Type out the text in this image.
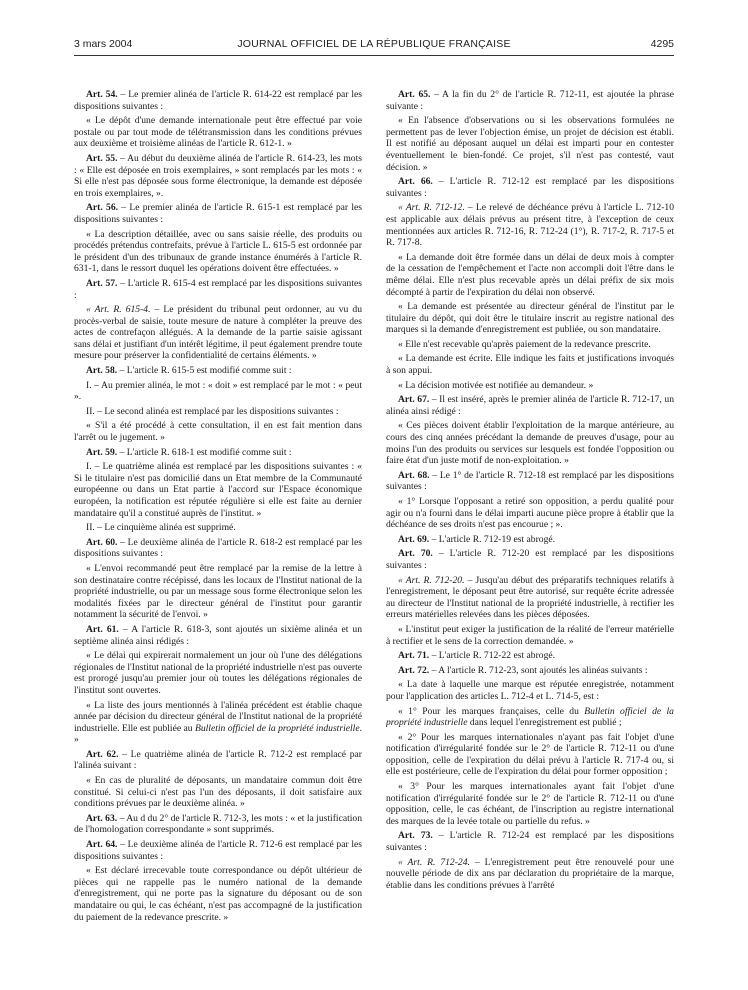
3 mars 2004	JOURNAL OFFICIEL DE LA RÉPUBLIQUE FRANÇAISE	4295

Art. 54. – Le premier alinéa de l'article R. 614-22 est remplacé par les dispositions suivantes :

« Le dépôt d'une demande internationale peut être effectué par voie postale ou par tout mode de télétransmission dans les conditions prévues aux deuxième et troisième alinéas de l'article R. 612-1. »

Art. 55. – Au début du deuxième alinéa de l'article R. 614-23, les mots : « Elle est déposée en trois exemplaires, » sont remplacés par les mots : « Si elle n'est pas déposée sous forme électronique, la demande est déposée en trois exemplaires, ».

Art. 56. – Le premier alinéa de l'article R. 615-1 est remplacé par les dispositions suivantes :

« La description détaillée, avec ou sans saisie réelle, des produits ou procédés prétendus contrefaits, prévue à l'article L. 615-5 est ordonnée par le président d'un des tribunaux de grande instance énumérés à l'article R. 631-1, dans le ressort duquel les opérations doivent être effectuées. »

Art. 57. – L'article R. 615-4 est remplacé par les dispositions suivantes :

« Art. R. 615-4. – Le président du tribunal peut ordonner, au vu du procès-verbal de saisie, toute mesure de nature à compléter la preuve des actes de contrefaçon allégués. A la demande de la partie saisie agissant sans délai et justifiant d'un intérêt légitime, il peut également prendre toute mesure pour préserver la confidentialité de certains éléments. »

Art. 58. – L'article R. 615-5 est modifié comme suit :

I. – Au premier alinéa, le mot : « doit » est remplacé par le mot : « peut ».

II. – Le second alinéa est remplacé par les dispositions suivantes :

« S'il a été procédé à cette consultation, il en est fait mention dans l'arrêt ou le jugement. »

Art. 59. – L'article R. 618-1 est modifié comme suit :

I. – Le quatrième alinéa est remplacé par les dispositions suivantes : « Si le titulaire n'est pas domicilié dans un Etat membre de la Communauté européenne ou dans un Etat partie à l'accord sur l'Espace économique européen, la notification est réputée régulière si elle est faite au dernier mandataire qu'il a constitué auprès de l'institut. »

II. – Le cinquième alinéa est supprimé.

Art. 60. – Le deuxième alinéa de l'article R. 618-2 est remplacé par les dispositions suivantes :

« L'envoi recommandé peut être remplacé par la remise de la lettre à son destinataire contre récépissé, dans les locaux de l'Institut national de la propriété industrielle, ou par un message sous forme électronique selon les modalités fixées par le directeur général de l'institut pour garantir notamment la sécurité de l'envoi. »

Art. 61. – A l'article R. 618-3, sont ajoutés un sixième alinéa et un septième alinéa ainsi rédigés :

« Le délai qui expirerait normalement un jour où l'une des délégations régionales de l'Institut national de la propriété industrielle n'est pas ouverte est prorogé jusqu'au premier jour où toutes les délégations régionales de l'institut sont ouvertes.

« La liste des jours mentionnés à l'alinéa précédent est établie chaque année par décision du directeur général de l'Institut national de la propriété industrielle. Elle est publiée au Bulletin officiel de la propriété industrielle. »

Art. 62. – Le quatrième alinéa de l'article R. 712-2 est remplacé par l'alinéa suivant :

« En cas de pluralité de déposants, un mandataire commun doit être constitué. Si celui-ci n'est pas l'un des déposants, il doit satisfaire aux conditions prévues par le deuxième alinéa. »

Art. 63. – Au d du 2° de l'article R. 712-3, les mots : « et la justification de l'homologation correspondante » sont supprimés.

Art. 64. – Le deuxième alinéa de l'article R. 712-6 est remplacé par les dispositions suivantes :

« Est déclaré irrecevable toute correspondance ou dépôt ultérieur de pièces qui ne rappelle pas le numéro national de la demande d'enregistrement, qui ne porte pas la signature du déposant ou de son mandataire ou qui, le cas échéant, n'est pas accompagné de la justification du paiement de la redevance prescrite. »

Art. 65. – A la fin du 2° de l'article R. 712-11, est ajoutée la phrase suivante :

« En l'absence d'observations ou si les observations formulées ne permettent pas de lever l'objection émise, un projet de décision est établi. Il est notifié au déposant auquel un délai est imparti pour en contester éventuellement le bien-fondé. Ce projet, s'il n'est pas contesté, vaut décision. »

Art. 66. – L'article R. 712-12 est remplacé par les dispositions suivantes :

« Art. R. 712-12. – Le relevé de déchéance prévu à l'article L. 712-10 est applicable aux délais prévus au présent titre, à l'exception de ceux mentionnées aux articles R. 712-16, R. 712-24 (1°), R. 717-2, R. 717-5 et R. 717-8.

« La demande doit être formée dans un délai de deux mois à compter de la cessation de l'empêchement et l'acte non accompli doit l'être dans le même délai. Elle n'est plus recevable après un délai préfix de six mois décompté à partir de l'expiration du délai non observé.

« La demande est présentée au directeur général de l'institut par le titulaire du dépôt, qui doit être le titulaire inscrit au registre national des marques si la demande d'enregistrement est publiée, ou son mandataire.

« Elle n'est recevable qu'après paiement de la redevance prescrite.

« La demande est écrite. Elle indique les faits et justifications invoqués à son appui.

« La décision motivée est notifiée au demandeur. »

Art. 67. – Il est inséré, après le premier alinéa de l'article R. 712-17, un alinéa ainsi rédigé :

« Ces pièces doivent établir l'exploitation de la marque antérieure, au cours des cinq années précédant la demande de preuves d'usage, pour au moins l'un des produits ou services sur lesquels est fondée l'opposition ou faire état d'un juste motif de non-exploitation. »

Art. 68. – Le 1° de l'article R. 712-18 est remplacé par les dispositions suivantes :

« 1° Lorsque l'opposant a retiré son opposition, a perdu qualité pour agir ou n'a fourni dans le délai imparti aucune pièce propre à établir que la déchéance de ses droits n'est pas encourue ; ».

Art. 69. – L'article R. 712-19 est abrogé.

Art. 70. – L'article R. 712-20 est remplacé par les dispositions suivantes :

« Art. R. 712-20. – Jusqu'au début des préparatifs techniques relatifs à l'enregistrement, le déposant peut être autorisé, sur requête écrite adressée au directeur de l'Institut national de la propriété industrielle, à rectifier les erreurs matérielles relevées dans les pièces déposées.

« L'institut peut exiger la justification de la réalité de l'erreur matérielle à rectifier et le sens de la correction demandée. »

Art. 71. – L'article R. 712-22 est abrogé.

Art. 72. – A l'article R. 712-23, sont ajoutés les alinéas suivants :

« La date à laquelle une marque est réputée enregistrée, notamment pour l'application des articles L. 712-4 et L. 714-5, est :

« 1° Pour les marques françaises, celle du Bulletin officiel de la propriété industrielle dans lequel l'enregistrement est publié ;

« 2° Pour les marques internationales n'ayant pas fait l'objet d'une notification d'irrégularité fondée sur le 2° de l'article R. 712-11 ou d'une opposition, celle de l'expiration du délai prévu à l'article R. 717-4 ou, si elle est postérieure, celle de l'expiration du délai pour former opposition ;

« 3° Pour les marques internationales ayant fait l'objet d'une notification d'irrégularité fondée sur le 2° de l'article R. 712-11 ou d'une opposition, celle, le cas échéant, de l'inscription au registre international des marques de la levée totale ou partielle du refus. »

Art. 73. – L'article R. 712-24 est remplacé par les dispositions suivantes :

« Art. R. 712-24. – L'enregistrement peut être renouvelé pour une nouvelle période de dix ans par déclaration du propriétaire de la marque, établie dans les conditions prévues à l'arrêté
